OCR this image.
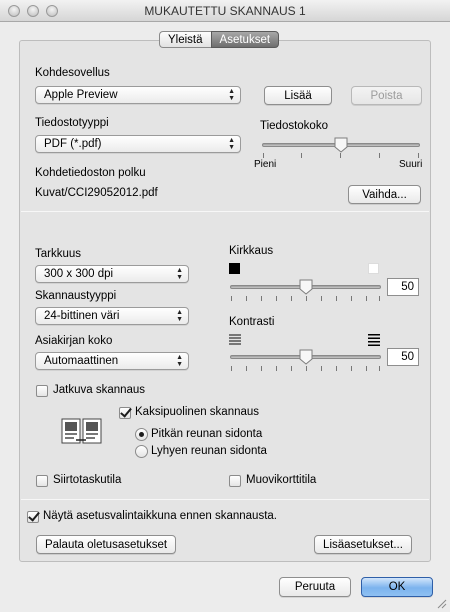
MUKAUTETTU SKANNAUS 1
Yleistä	Asetukset
Kohdesovellus
Apple Preview	▲
▼	Lisää	Poista
Tiedostotyyppi
PDF (*.pdf)	▲
▼
Tiedostokoko
Pieni	Suuri
Kohdetiedoston polku
Kuvat/CCI29052012.pdf	Vaihda...
Tarkkuus
300 x 300 dpi	▲
▼
Skannaustyyppi
24-bittinen väri	▲
▼
Asiakirjan koko
Automaattinen	▲
▼
Kirkkaus
50
Kontrasti
50
Jatkuva skannaus
Kaksipuolinen skannaus
Pitkän reunan sidonta
Lyhyen reunan sidonta
Siirtotaskutila	Muovikorttitila
Näytä asetusvalintaikkuna ennen skannausta.
Palauta oletusasetukset	Lisäasetukset...
Peruuta	OK
